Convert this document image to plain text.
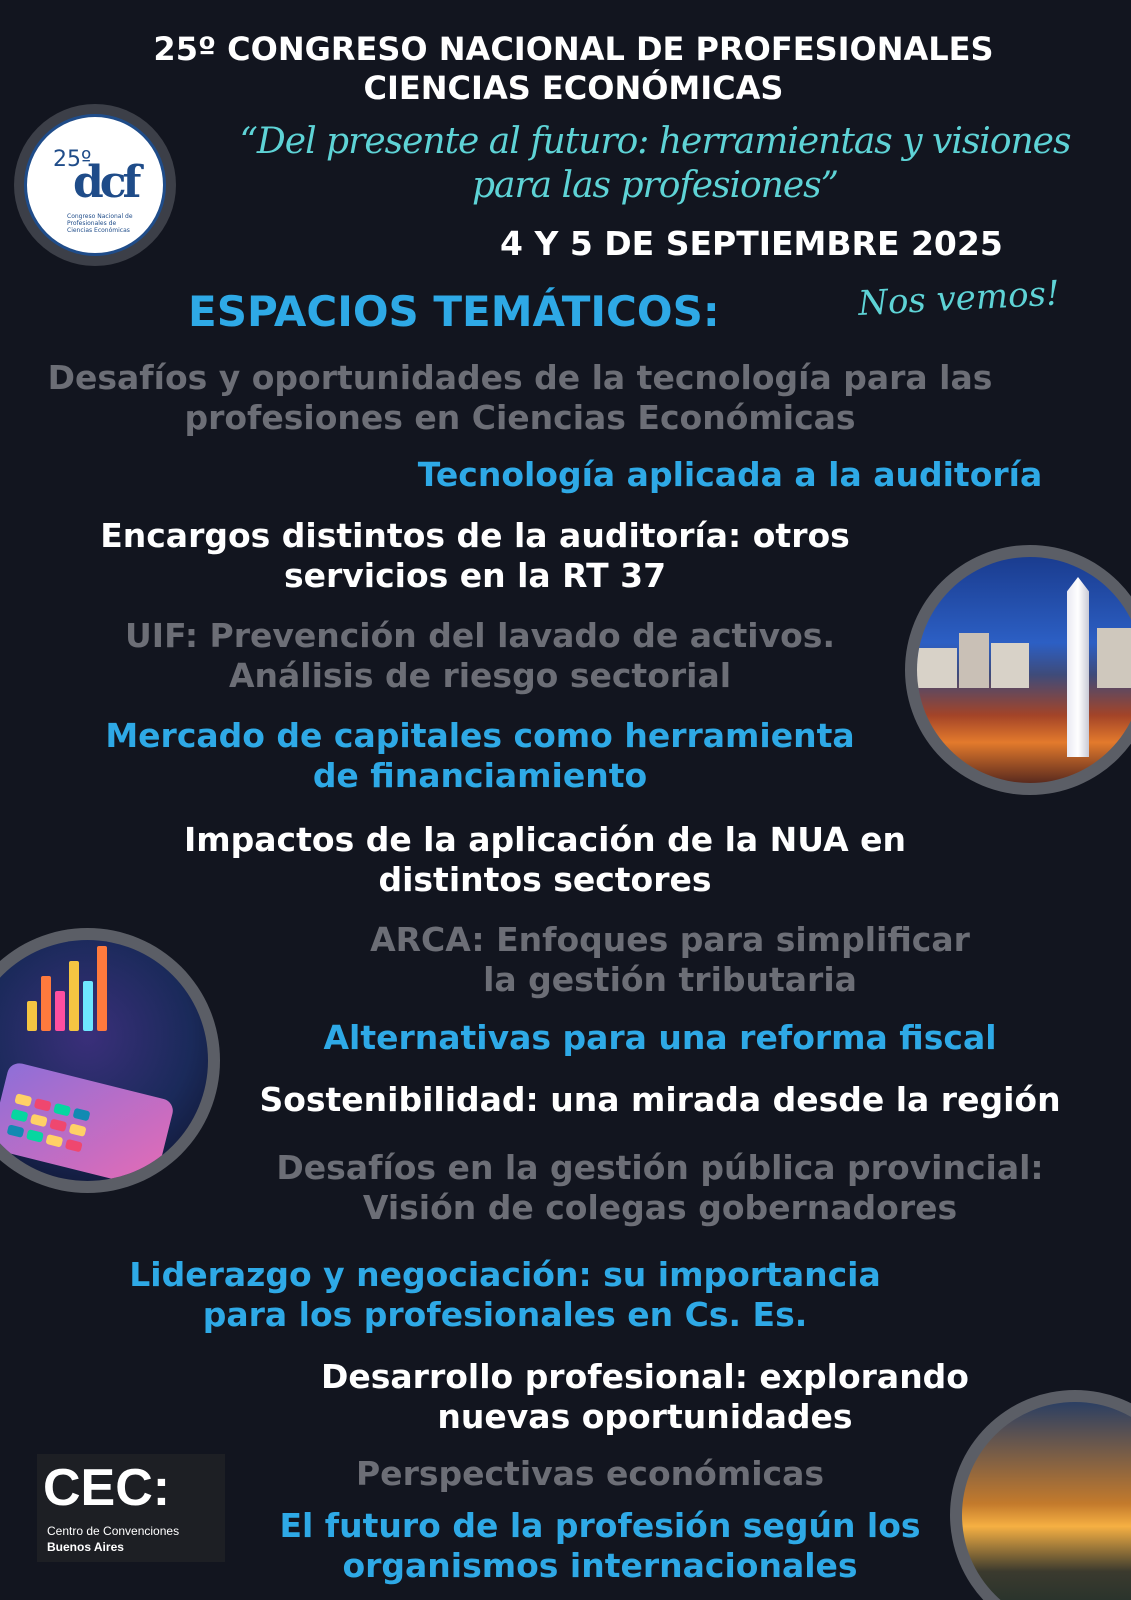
25º CONGRESO NACIONAL DE PROFESIONALES
CIENCIAS ECONÓMICAS
25º
dcf
Congreso Nacional de Profesionales de Ciencias Económicas
“Del presente al futuro: herramientas y visiones para las profesiones”
4 Y 5 DE SEPTIEMBRE 2025
ESPACIOS TEMÁTICOS:	Nos vemos!
Desafíos y oportunidades de la tecnología para las
profesiones en Ciencias Económicas
Tecnología aplicada a la auditoría
Encargos distintos de la auditoría: otros
servicios en la RT 37
UIF: Prevención del lavado de activos.
Análisis de riesgo sectorial
Mercado de capitales como herramienta
de financiamiento
Impactos de la aplicación de la NUA en
distintos sectores
ARCA: Enfoques para simplificar
la gestión tributaria
Alternativas para una reforma fiscal
Sostenibilidad: una mirada desde la región
Desafíos en la gestión pública provincial:
Visión de colegas gobernadores
Liderazgo y negociación: su importancia
para los profesionales en Cs. Es.
Desarrollo profesional: explorando
nuevas oportunidades
Perspectivas económicas
El futuro de la profesión según los
organismos internacionales
CEC:
Centro de Convenciones
Buenos Aires
